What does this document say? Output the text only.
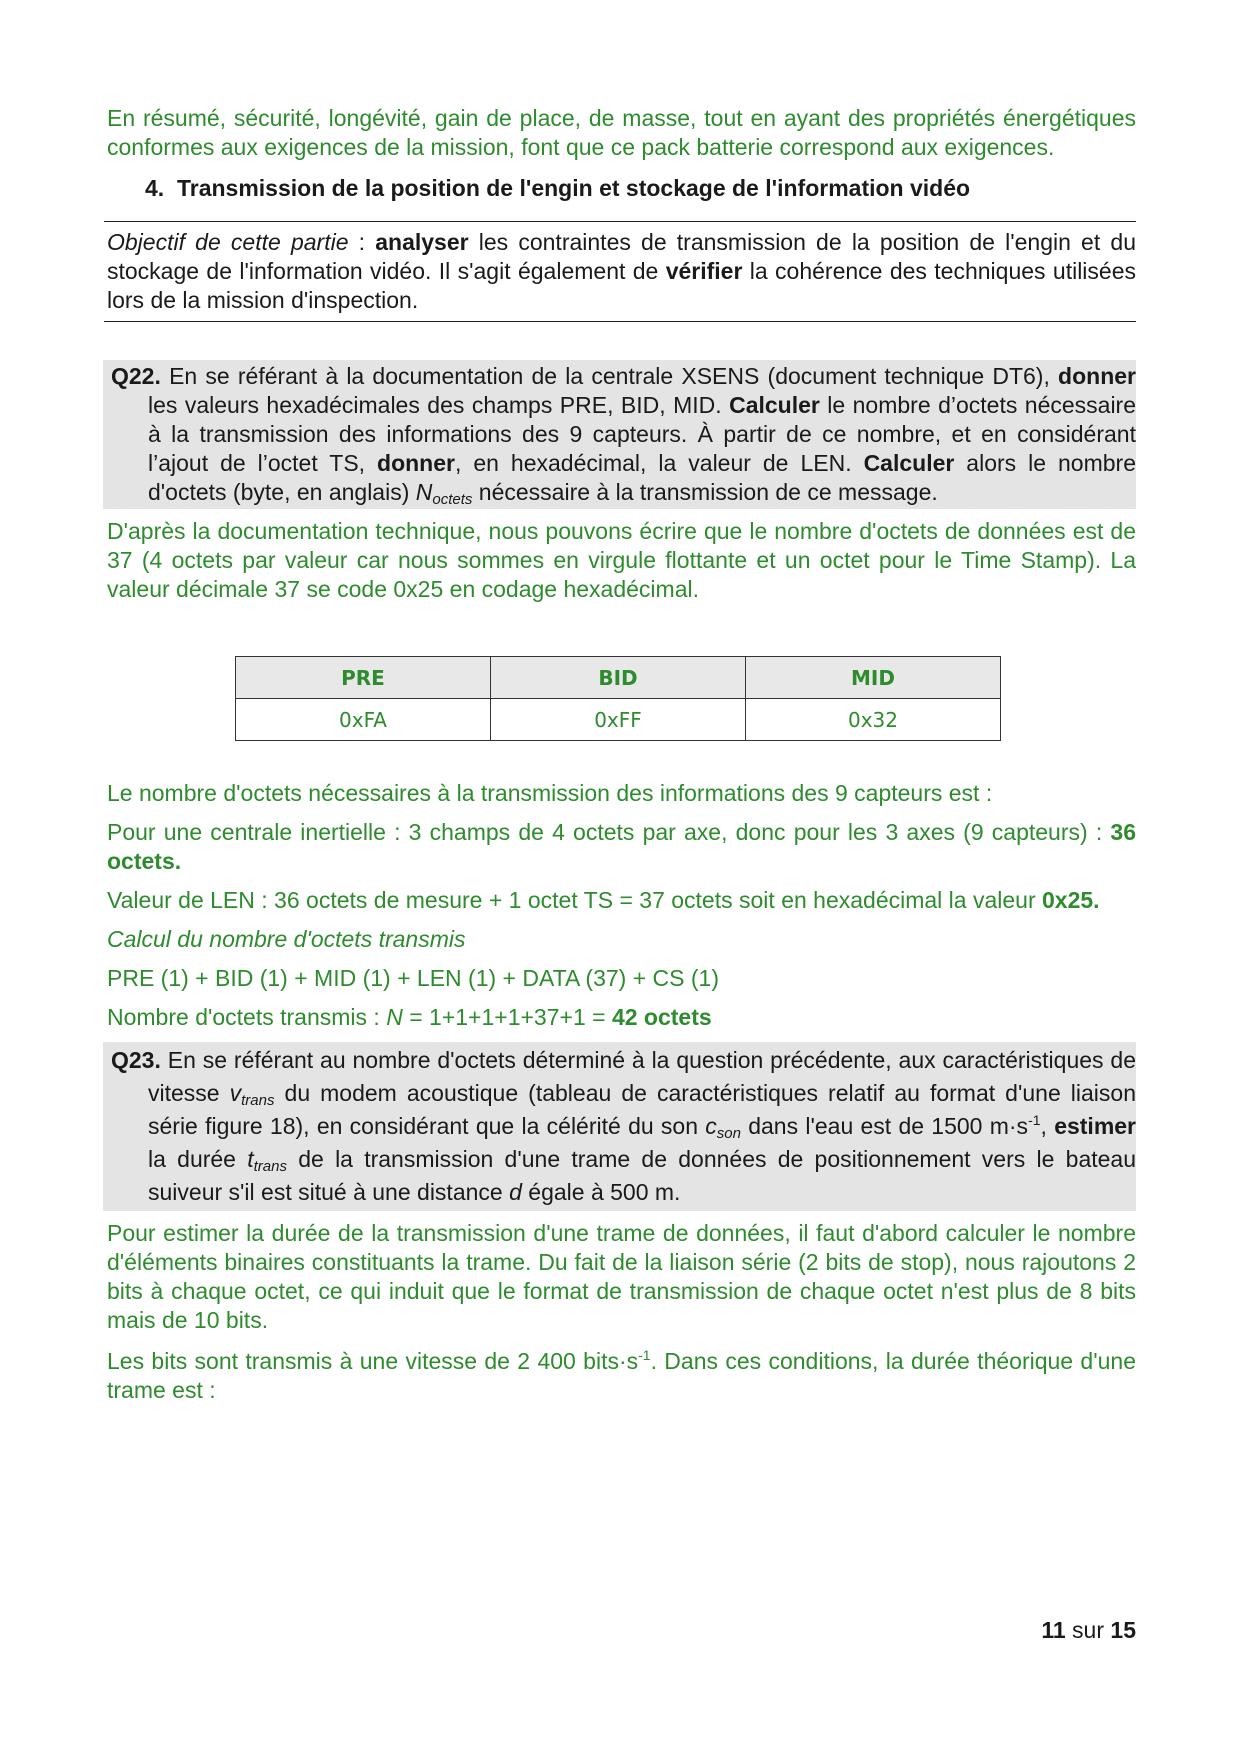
En résumé, sécurité, longévité, gain de place, de masse, tout en ayant des propriétés énergétiques conformes aux exigences de la mission, font que ce pack batterie correspond aux exigences.

4. Transmission de la position de l'engin et stockage de l'information vidéo

Objectif de cette partie : analyser les contraintes de transmission de la position de l'engin et du stockage de l'information vidéo. Il s'agit également de vérifier la cohérence des techniques utilisées lors de la mission d'inspection.

Q22. En se référant à la documentation de la centrale XSENS (document technique DT6), donner les valeurs hexadécimales des champs PRE, BID, MID. Calculer le nombre d’octets nécessaire à la transmission des informations des 9 capteurs. À partir de ce nombre, et en considérant l’ajout de l’octet TS, donner, en hexadécimal, la valeur de LEN. Calculer alors le nombre d'octets (byte, en anglais) $N_{octets}$ nécessaire à la transmission de ce message.

D'après la documentation technique, nous pouvons écrire que le nombre d'octets de données est de 37 (4 octets par valeur car nous sommes en virgule flottante et un octet pour le Time Stamp). La valeur décimale 37 se code 0x25 en codage hexadécimal.

PRE	BID	MID
0xFA	0xFF	0x32

Le nombre d'octets nécessaires à la transmission des informations des 9 capteurs est :

Pour une centrale inertielle : 3 champs de 4 octets par axe, donc pour les 3 axes (9 capteurs) : 36 octets.

Valeur de LEN : 36 octets de mesure + 1 octet TS = 37 octets soit en hexadécimal la valeur 0x25.

Calcul du nombre d'octets transmis

PRE (1) + BID (1) + MID (1) + LEN (1) + DATA (37) + CS (1)

Nombre d'octets transmis : N = 1+1+1+1+37+1 = 42 octets

Q23. En se référant au nombre d'octets déterminé à la question précédente, aux caractéristiques de vitesse $v_{trans}$ du modem acoustique (tableau de caractéristiques relatif au format d'une liaison série figure 18), en considérant que la célérité du son $c_{son}$ dans l'eau est de 1500 $m\cdot s^{-1}$, estimer la durée $t_{trans}$ de la transmission d'une trame de données de positionnement vers le bateau suiveur s'il est situé à une distance d égale à 500 m.

Pour estimer la durée de la transmission d'une trame de données, il faut d'abord calculer le nombre d'éléments binaires constituants la trame. Du fait de la liaison série (2 bits de stop), nous rajoutons 2 bits à chaque octet, ce qui induit que le format de transmission de chaque octet n'est plus de 8 bits mais de 10 bits.

Les bits sont transmis à une vitesse de 2 400 $bits\cdot s^{-1}$. Dans ces conditions, la durée théorique d'une trame est :

11 sur 15
